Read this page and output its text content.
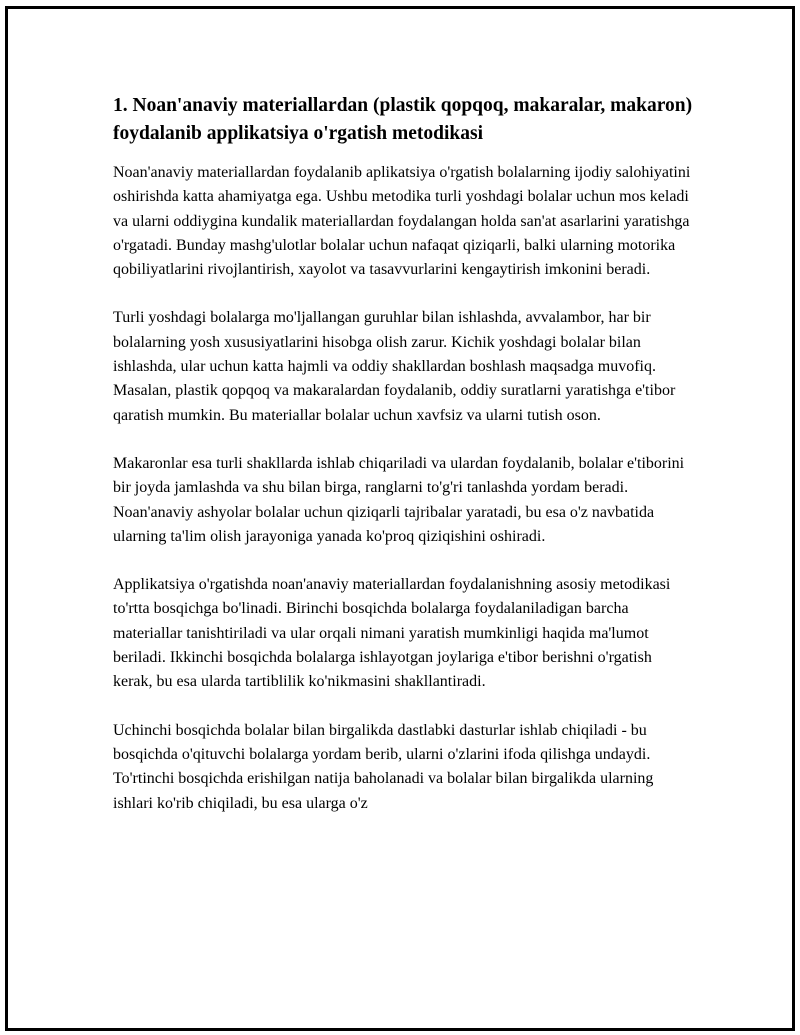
1. Noan'anaviy materiallardan (plastik qopqoq, makaralar, makaron) foydalanib applikatsiya o'rgatish metodikasi

Noan'anaviy materiallardan foydalanib aplikatsiya o'rgatish bolalarning ijodiy salohiyatini oshirishda katta ahamiyatga ega. Ushbu metodika turli yoshdagi bolalar uchun mos keladi va ularni oddiygina kundalik materiallardan foydalangan holda san'at asarlarini yaratishga o'rgatadi. Bunday mashg'ulotlar bolalar uchun nafaqat qiziqarli, balki ularning motorika qobiliyatlarini rivojlantirish, xayolot va tasavvurlarini kengaytirish imkonini beradi.

Turli yoshdagi bolalarga mo'ljallangan guruhlar bilan ishlashda, avvalambor, har bir bolalarning yosh xususiyatlarini hisobga olish zarur. Kichik yoshdagi bolalar bilan ishlashda, ular uchun katta hajmli va oddiy shakllardan boshlash maqsadga muvofiq. Masalan, plastik qopqoq va makaralardan foydalanib, oddiy suratlarni yaratishga e'tibor qaratish mumkin. Bu materiallar bolalar uchun xavfsiz va ularni tutish oson.

Makaronlar esa turli shakllarda ishlab chiqariladi va ulardan foydalanib, bolalar e'tiborini bir joyda jamlashda va shu bilan birga, ranglarni to'g'ri tanlashda yordam beradi. Noan'anaviy ashyolar bolalar uchun qiziqarli tajribalar yaratadi, bu esa o'z navbatida ularning ta'lim olish jarayoniga yanada ko'proq qiziqishini oshiradi.

Applikatsiya o'rgatishda noan'anaviy materiallardan foydalanishning asosiy metodikasi to'rtta bosqichga bo'linadi. Birinchi bosqichda bolalarga foydalaniladigan barcha materiallar tanishtiriladi va ular orqali nimani yaratish mumkinligi haqida ma'lumot beriladi. Ikkinchi bosqichda bolalarga ishlayotgan joylariga e'tibor berishni o'rgatish kerak, bu esa ularda tartiblilik ko'nikmasini shakllantiradi.

Uchinchi bosqichda bolalar bilan birgalikda dastlabki dasturlar ishlab chiqiladi - bu bosqichda o'qituvchi bolalarga yordam berib, ularni o'zlarini ifoda qilishga undaydi. To'rtinchi bosqichda erishilgan natija baholanadi va bolalar bilan birgalikda ularning ishlari ko'rib chiqiladi, bu esa ularga o'z
